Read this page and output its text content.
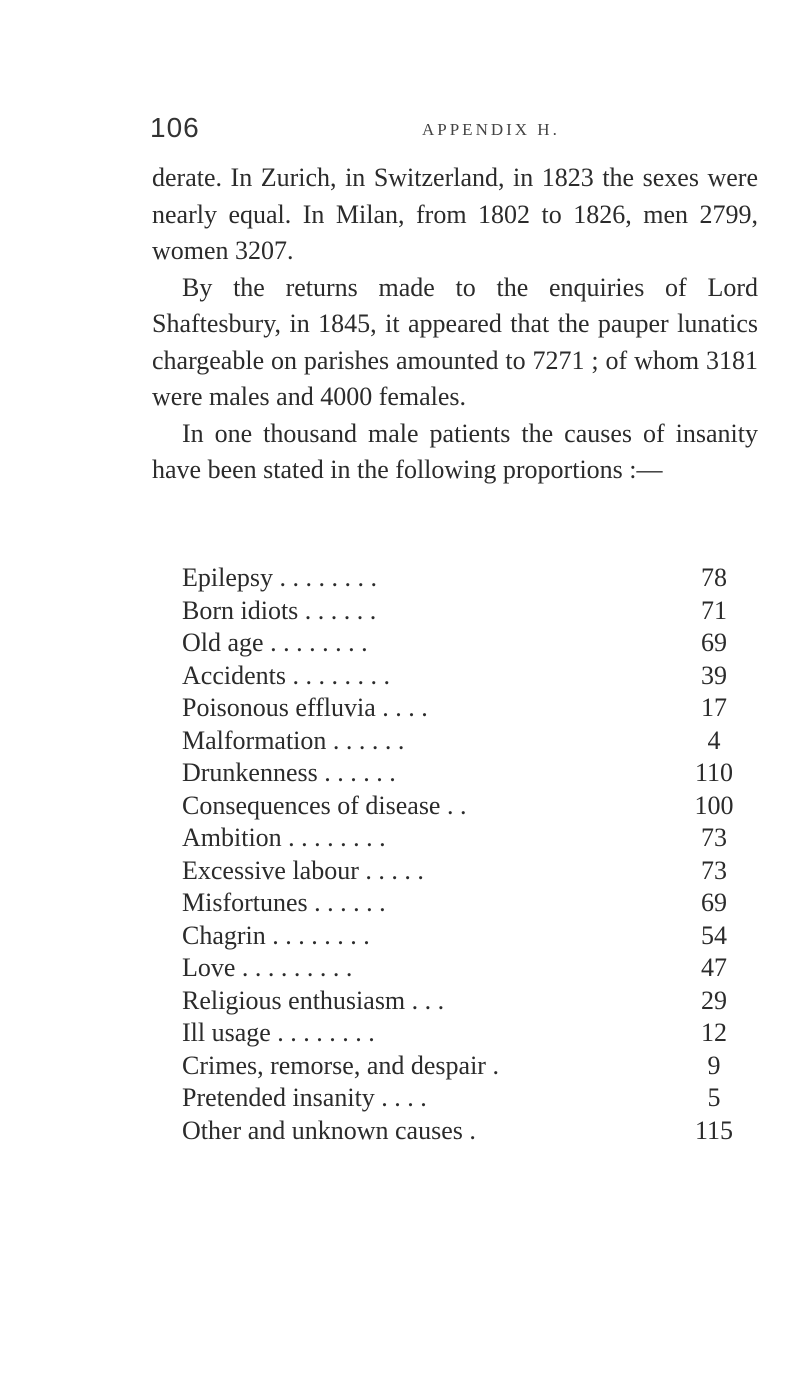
106	APPENDIX H.

derate. In Zurich, in Switzerland, in 1823 the sexes were nearly equal. In Milan, from 1802 to 1826, men 2799, women 3207.

By the returns made to the enquiries of Lord Shaftesbury, in 1845, it appeared that the pauper lunatics chargeable on parishes amounted to 7271 ; of whom 3181 were males and 4000 females.

In one thousand male patients the causes of insanity have been stated in the following proportions :—

Epilepsy . . . . . . . .	78
Born idiots . . . . . .	71
Old age . . . . . . . .	69
Accidents . . . . . . . .	39
Poisonous effluvia . . . .	17
Malformation . . . . . .	4
Drunkenness . . . . . .	110
Consequences of disease . .	100
Ambition . . . . . . . .	73
Excessive labour . . . . .	73
Misfortunes . . . . . .	69
Chagrin . . . . . . . .	54
Love . . . . . . . . .	47
Religious enthusiasm . . .	29
Ill usage . . . . . . . .	12
Crimes, remorse, and despair .	9
Pretended insanity . . . .	5
Other and unknown causes .	115
